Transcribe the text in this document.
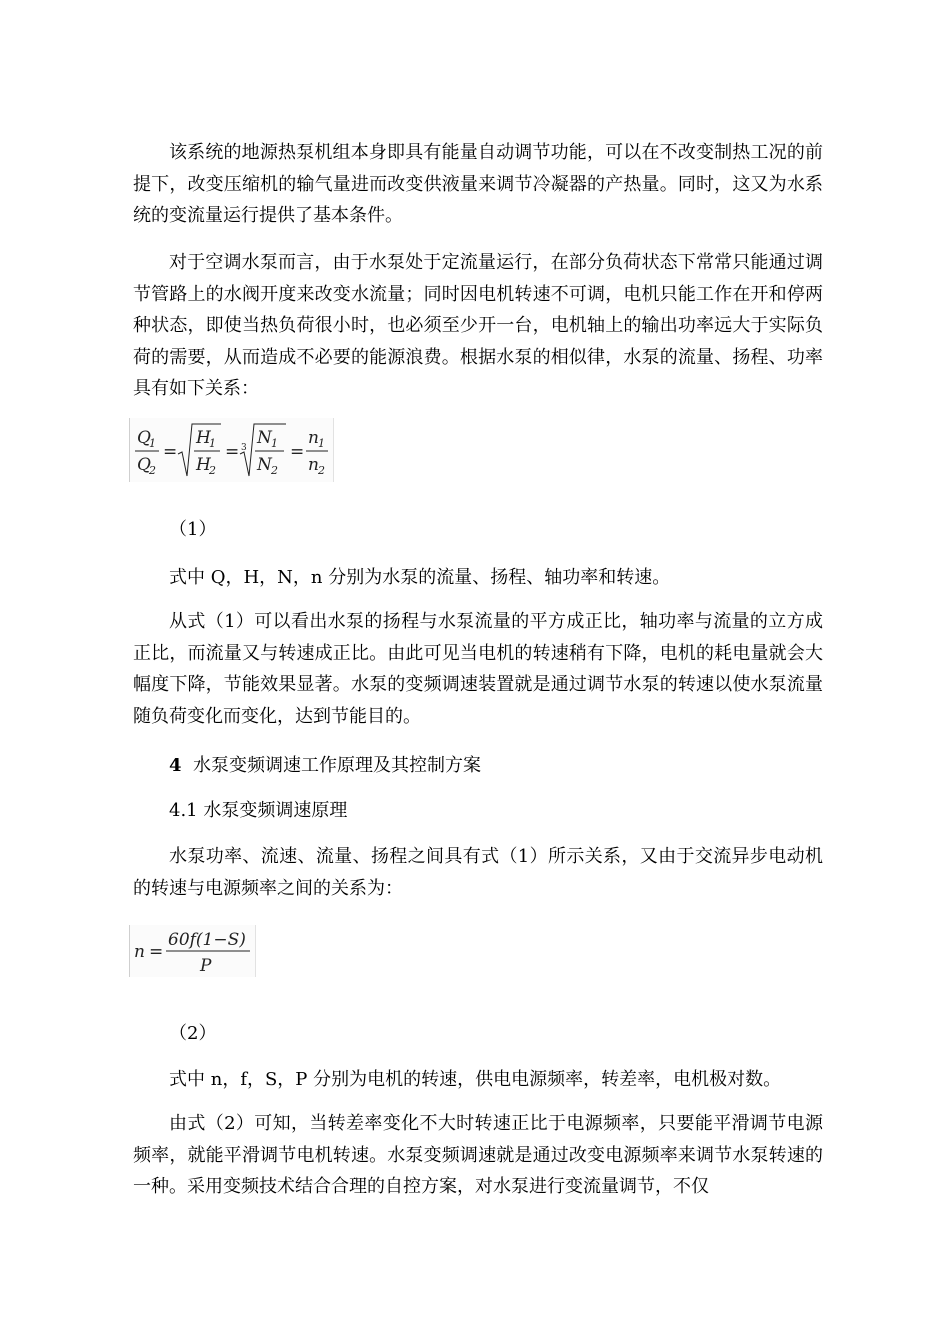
该系统的地源热泵机组本身即具有能量自动调节功能，可以在不改变制热工况的前提下，改变压缩机的输气量进而改变供液量来调节冷凝器的产热量。同时，这又为水系统的变流量运行提供了基本条件。

对于空调水泵而言，由于水泵处于定流量运行，在部分负荷状态下常常只能通过调节管路上的水阀开度来改变水流量；同时因电机转速不可调，电机只能工作在开和停两种状态，即使当热负荷很小时，也必须至少开一台，电机轴上的输出功率远大于实际负荷的需要，从而造成不必要的能源浪费。根据水泵的相似律，水泵的流量、扬程、功率具有如下关系：

Q
1
Q
2
=
H
1
H
2
= 3 N 1
N 2
=
n 1
n 2

（1）

式中 Q，H，N，n 分别为水泵的流量、扬程、轴功率和转速。

从式（1）可以看出水泵的扬程与水泵流量的平方成正比，轴功率与流量的立方成正比，而流量又与转速成正比。由此可见当电机的转速稍有下降，电机的耗电量就会大幅度下降，节能效果显著。水泵的变频调速装置就是通过调节水泵的转速以使水泵流量随负荷变化而变化，达到节能目的。

4 水泵变频调速工作原理及其控制方案

4.1 水泵变频调速原理

水泵功率、流速、流量、扬程之间具有式（1）所示关系，又由于交流异步电动机的转速与电源频率之间的关系为：

n =
60f(1−S)
P

（2）

式中 n，f，S，P 分别为电机的转速，供电电源频率，转差率，电机极对数。

由式（2）可知，当转差率变化不大时转速正比于电源频率，只要能平滑调节电源频率，就能平滑调节电机转速。水泵变频调速就是通过改变电源频率来调节水泵转速的一种。采用变频技术结合合理的自控方案，对水泵进行变流量调节，不仅
